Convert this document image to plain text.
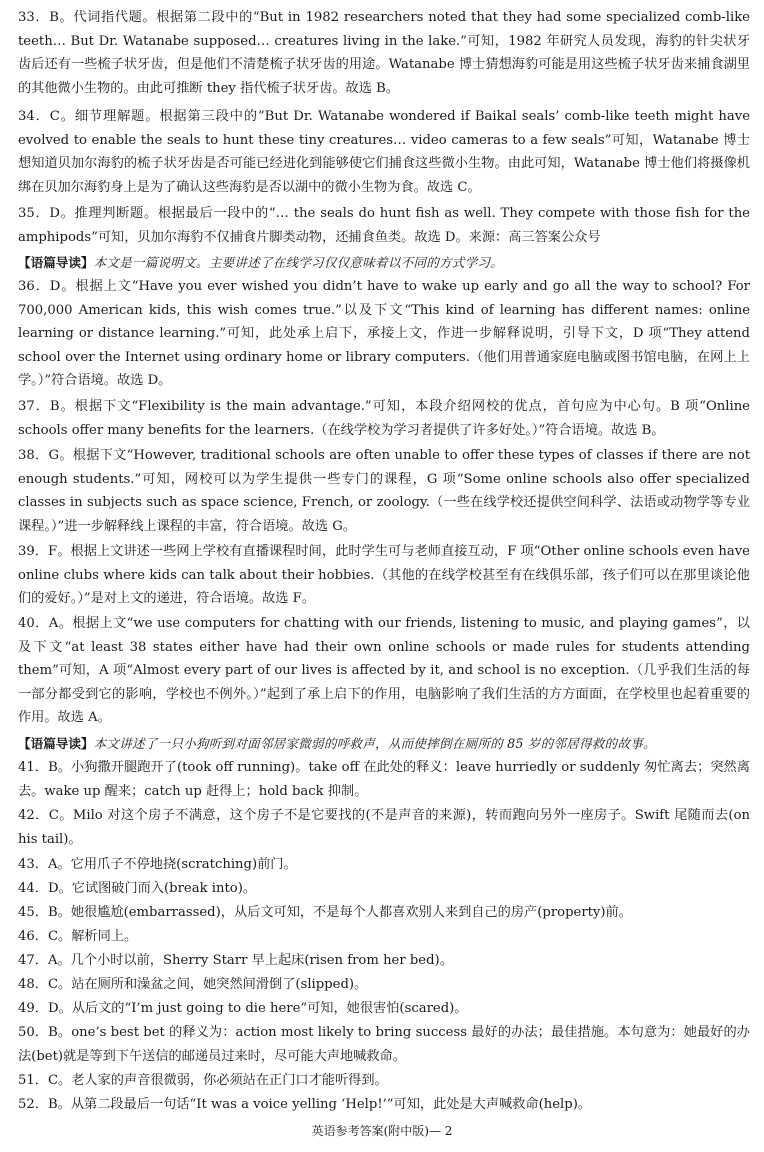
33．B。代词指代题。根据第二段中的“But in 1982 researchers noted that they had some specialized comb-like teeth… But Dr. Watanabe supposed… creatures living in the lake.”可知，1982 年研究人员发现，海豹的针尖状牙齿后还有一些梳子状牙齿，但是他们不清楚梳子状牙齿的用途。Watanabe 博士猜想海豹可能是用这些梳子状牙齿来捕食湖里的其他微小生物的。由此可推断 they 指代梳子状牙齿。故选 B。

34．C。细节理解题。根据第三段中的“But Dr. Watanabe wondered if Baikal seals’ comb-like teeth might have evolved to enable the seals to hunt these tiny creatures… video cameras to a few seals”可知，Watanabe 博士想知道贝加尔海豹的梳子状牙齿是否可能已经进化到能够使它们捕食这些微小生物。由此可知，Watanabe 博士他们将摄像机绑在贝加尔海豹身上是为了确认这些海豹是否以湖中的微小生物为食。故选 C。

35．D。推理判断题。根据最后一段中的“… the seals do hunt fish as well. They compete with those fish for the amphipods”可知，贝加尔海豹不仅捕食片脚类动物，还捕食鱼类。故选 D。来源：高三答案公众号

【语篇导读】本文是一篇说明文。主要讲述了在线学习仅仅意味着以不同的方式学习。

36．D。根据上文“Have you ever wished you didn’t have to wake up early and go all the way to school? For 700,000 American kids, this wish comes true.”以及下文“This kind of learning has different names: online learning or distance learning.”可知，此处承上启下，承接上文，作进一步解释说明，引导下文，D 项“They attend school over the Internet using ordinary home or library computers.（他们用普通家庭电脑或图书馆电脑，在网上上学。）”符合语境。故选 D。

37．B。根据下文“Flexibility is the main advantage.”可知，本段介绍网校的优点，首句应为中心句。B 项“Online schools offer many benefits for the learners.（在线学校为学习者提供了许多好处。）”符合语境。故选 B。

38．G。根据下文“However, traditional schools are often unable to offer these types of classes if there are not enough students.”可知，网校可以为学生提供一些专门的课程，G 项“Some online schools also offer specialized classes in subjects such as space science, French, or zoology.（一些在线学校还提供空间科学、法语或动物学等专业课程。）”进一步解释线上课程的丰富，符合语境。故选 G。

39．F。根据上文讲述一些网上学校有直播课程时间，此时学生可与老师直接互动，F 项“Other online schools even have online clubs where kids can talk about their hobbies.（其他的在线学校甚至有在线俱乐部，孩子们可以在那里谈论他们的爱好。）”是对上文的递进，符合语境。故选 F。

40．A。根据上文“we use computers for chatting with our friends, listening to music, and playing games”，以及下文“at least 38 states either have had their own online schools or made rules for students attending them”可知，A 项“Almost every part of our lives is affected by it, and school is no exception.（几乎我们生活的每一部分都受到它的影响，学校也不例外。）”起到了承上启下的作用，电脑影响了我们生活的方方面面，在学校里也起着重要的作用。故选 A。

【语篇导读】本文讲述了一只小狗听到对面邻居家微弱的呼救声，从而使摔倒在厕所的 85 岁的邻居得救的故事。

41．B。小狗撒开腿跑开了(took off running)。take off 在此处的释义：leave hurriedly or suddenly 匆忙离去；突然离去。wake up 醒来；catch up 赶得上；hold back 抑制。

42．C。Milo 对这个房子不满意，这个房子不是它要找的(不是声音的来源)，转而跑向另外一座房子。Swift 尾随而去(on his tail)。

43．A。它用爪子不停地挠(scratching)前门。

44．D。它试图破门而入(break into)。

45．B。她很尴尬(embarrassed)，从后文可知，不是每个人都喜欢别人来到自己的房产(property)前。

46．C。解析同上。

47．A。几个小时以前，Sherry Starr 早上起床(risen from her bed)。

48．C。站在厕所和澡盆之间，她突然间滑倒了(slipped)。

49．D。从后文的“I’m just going to die here”可知，她很害怕(scared)。

50．B。one’s best bet 的释义为：action most likely to bring success 最好的办法；最佳措施。本句意为：她最好的办法(bet)就是等到下午送信的邮递员过来时，尽可能大声地喊救命。

51．C。老人家的声音很微弱，你必须站在正门口才能听得到。

52．B。从第二段最后一句话“It was a voice yelling ‘Help!’”可知，此处是大声喊救命(help)。

英语参考答案(附中版)— 2
